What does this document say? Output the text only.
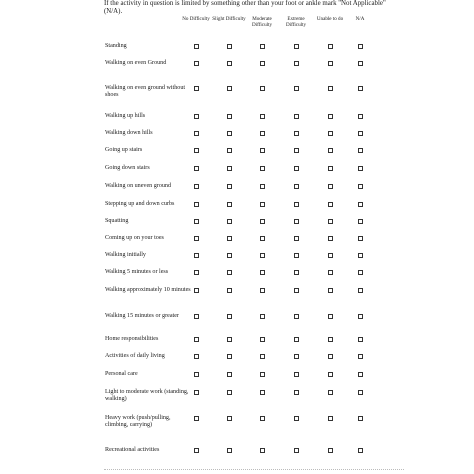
If the activity in question is limited by something other than your foot or ankle mark "Not Applicable" (N/A).
No Difficulty Slight Difficulty	Moderate Difficulty
Extreme Difficulty
Unable to do	N/A
Standing
Walking on even Ground
Walking on even ground without shoes
Walking up hills
Walking down hills
Going up stairs
Going down stairs
Walking on uneven ground
Stepping up and down curbs
Squatting
Coming up on your toes
Walking initially
Walking 5 minutes or less
Walking approximately 10 minutes
Walking 15 minutes or greater
Home responsibilities
Activities of daily living
Personal care
Light to moderate work (standing, walking)
Heavy work (push/pulling, climbing, carrying)
Recreational activities
